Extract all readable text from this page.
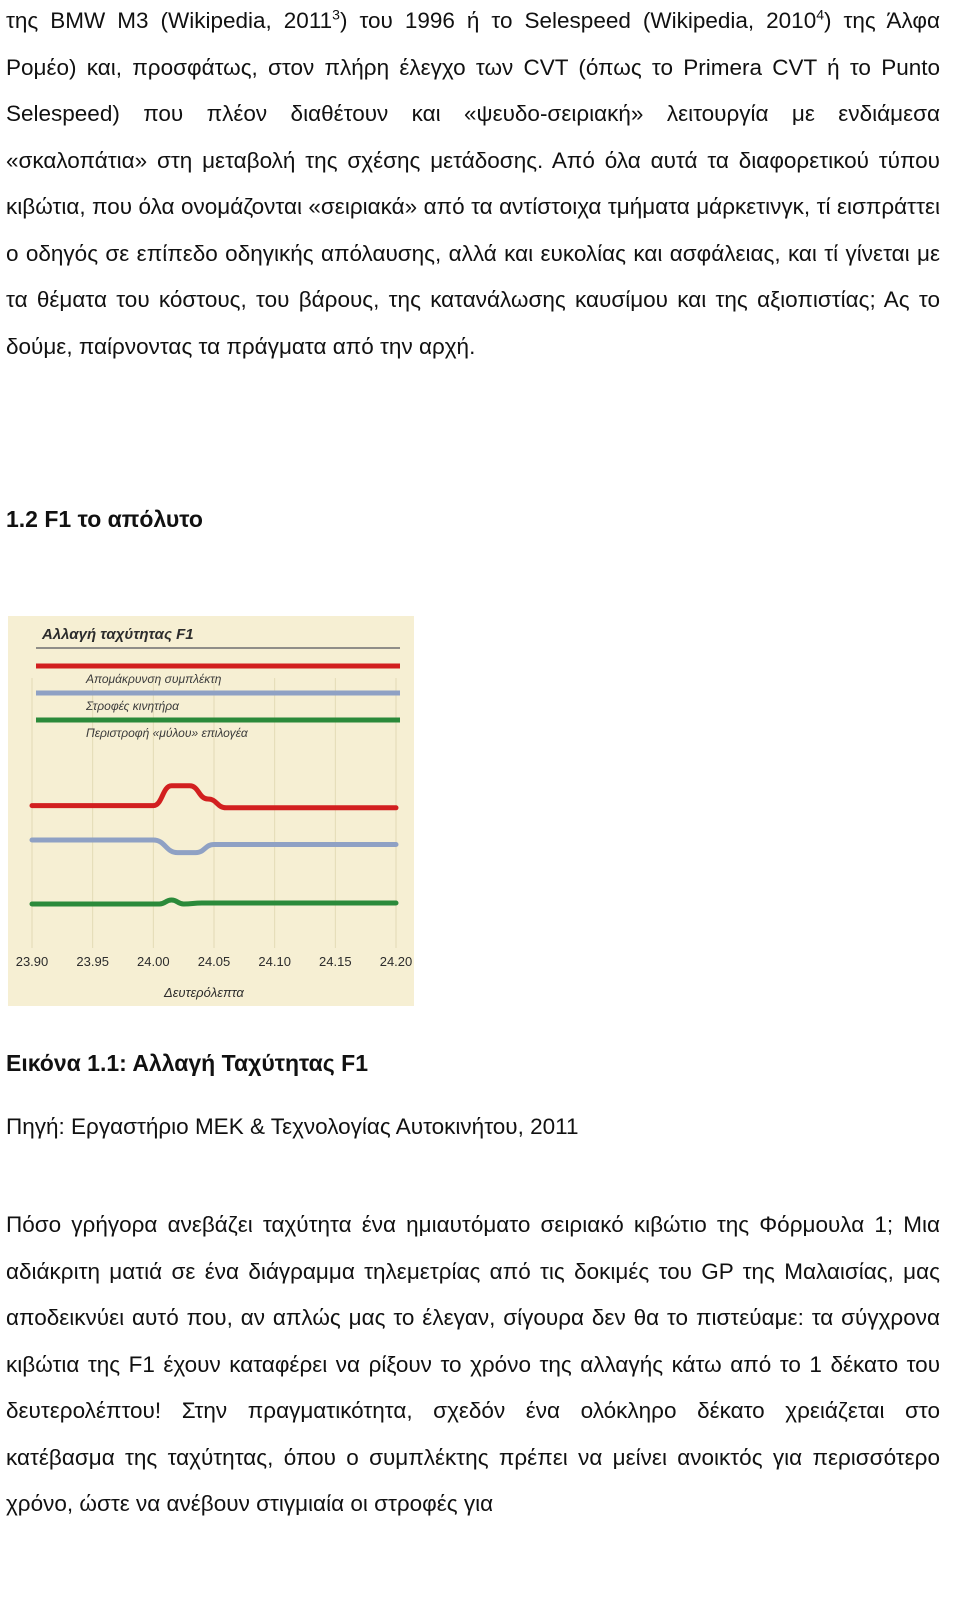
της BMW M3 (Wikipedia, 2011$^3$) του 1996 ή το Selespeed (Wikipedia, 2010$^4$) της Άλφα Ρομέο) και, προσφάτως, στον πλήρη έλεγχο των CVT (όπως το Primera CVT ή το Punto Selespeed) που πλέον διαθέτουν και «ψευδο-σειριακή» λειτουργία με ενδιάμεσα «σκαλοπάτια» στη μεταβολή της σχέσης μετάδοσης. Από όλα αυτά τα διαφορετικού τύπου κιβώτια, που όλα ονομάζονται «σειριακά» από τα αντίστοιχα τμήματα μάρκετινγκ, τί εισπράττει ο οδηγός σε επίπεδο οδηγικής απόλαυσης, αλλά και ευκολίας και ασφάλειας, και τί γίνεται με τα θέματα του κόστους, του βάρους, της κατανάλωσης καυσίμου και της αξιοπιστίας; Ας το δούμε, παίρνοντας τα πράγματα από την αρχή.

1.2 F1 το απόλυτο
Αλλαγή ταχύτητας F1
Απομάκρυνση συμπλέκτη
Στροφές κινητήρα
Περιστροφή «μύλου» επιλογέα
23.90 23.95 24.00 24.05 24.10 24.15 24.20
Δευτερόλεπτα

Εικόνα 1.1: Αλλαγή Ταχύτητας F1

Πηγή: Εργαστήριο ΜΕΚ & Τεχνολογίας Αυτοκινήτου, 2011

Πόσο γρήγορα ανεβάζει ταχύτητα ένα ημιαυτόματο σειριακό κιβώτιο της Φόρμουλα 1; Μια αδιάκριτη ματιά σε ένα διάγραμμα τηλεμετρίας από τις δοκιμές του GP της Μαλαισίας, μας αποδεικνύει αυτό που, αν απλώς μας το έλεγαν, σίγουρα δεν θα το πιστεύαμε: τα σύγχρονα κιβώτια της F1 έχουν καταφέρει να ρίξουν το χρόνο της αλλαγής κάτω από το 1 δέκατο του δευτερολέπτου! Στην πραγματικότητα, σχεδόν ένα ολόκληρο δέκατο χρειάζεται στο κατέβασμα της ταχύτητας, όπου ο συμπλέκτης πρέπει να μείνει ανοικτός για περισσότερο χρόνο, ώστε να ανέβουν στιγμιαία οι στροφές για
